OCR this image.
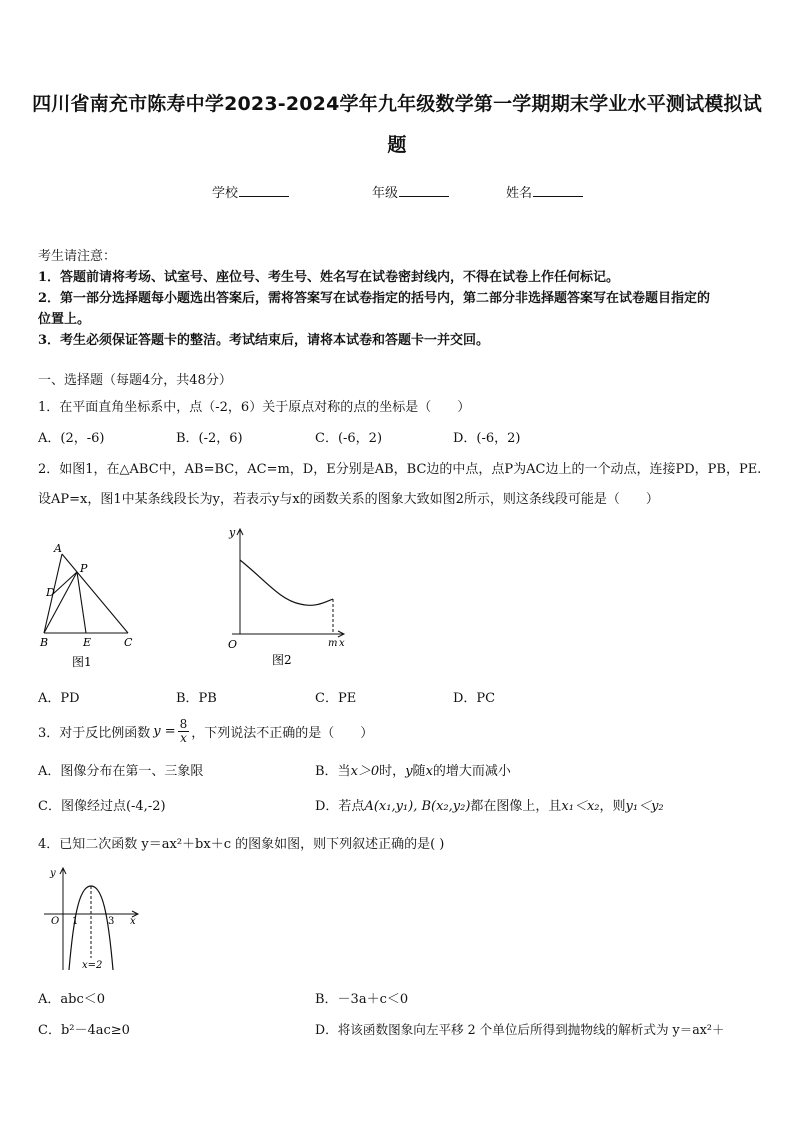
四川省南充市陈寿中学2023-2024学年九年级数学第一学期期末学业水平测试模拟试
题
学校	年级	姓名
考生请注意：
1．答题前请将考场、试室号、座位号、考生号、姓名写在试卷密封线内，不得在试卷上作任何标记。
2．第一部分选择题每小题选出答案后，需将答案写在试卷指定的括号内，第二部分非选择题答案写在试卷题目指定的
位置上。
3．考生必须保证答题卡的整洁。考试结束后，请将本试卷和答题卡一并交回。
一、选择题（每题4分，共48分）
1．在平面直角坐标系中，点（-2，6）关于原点对称的点的坐标是（　　）
A．(2，-6)	B．(-2，6)	C．(-6，2)	D．(-6，2)
2．如图1，在△ABC中，AB=BC，AC=m，D，E分别是AB，BC边的中点，点P为AC边上的一个动点，连接PD，PB，PE.
设AP=x，图1中某条线段长为y，若表示y与x的函数关系的图象大致如图2所示，则这条线段可能是（　　）
A
P
D
B	E	C
图1
y
O	m x
图2
A．PD	B．PB	C．PE	D．PC
3．对于反比例函数 $y = \frac{8}{x}$ ，下列说法不正确的是（　　）
A．图像分布在第一、三象限	B．当x＞0时，y随x的增大而减小
C．图像经过点(-4,-2)	D．若点A(x₁,y₁), B(x₂,y₂)都在图像上，且x₁＜x₂，则y₁＜y₂
4．已知二次函数 y＝ax²＋bx＋c 的图象如图，则下列叙述正确的是( )
y
x
O 1	3
x=2
A．abc＜0	B．－3a＋c＜0
C．b²－4ac≥0	D．将该函数图象向左平移 2 个单位后所得到抛物线的解析式为 y＝ax²＋
